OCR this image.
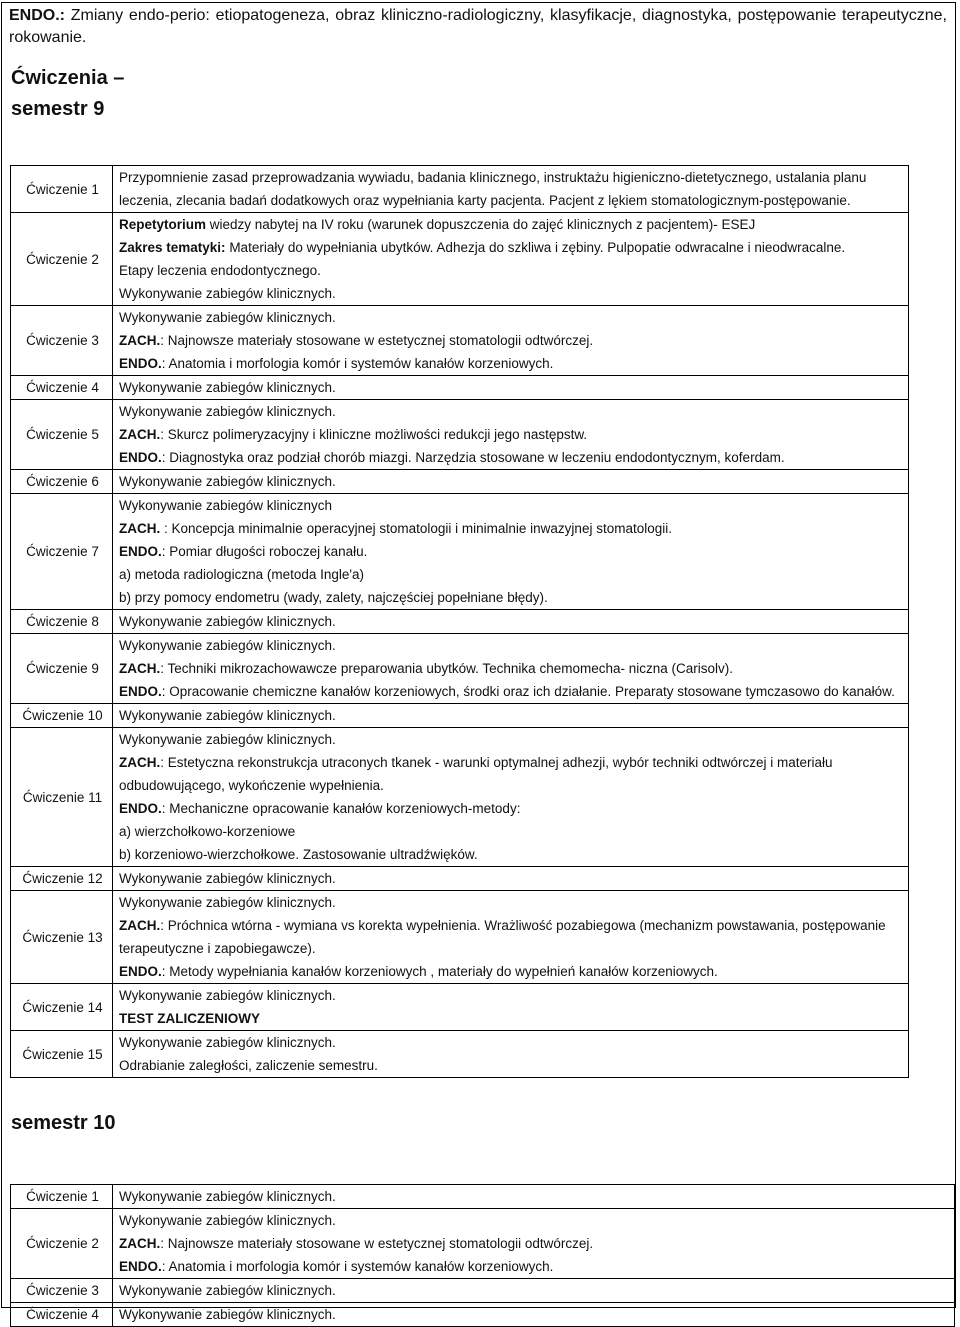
ENDO.: Zmiany endo-perio: etiopatogeneza, obraz kliniczno-radiologiczny, klasyfikacje, diagnostyka, postępowanie terapeutyczne, rokowanie.
Ćwiczenia –
semestr 9
Ćwiczenie 1	Przypomnienie zasad przeprowadzania wywiadu, badania klinicznego, instruktażu higieniczno-dietetycznego, ustalania planu leczenia, zlecania badań dodatkowych oraz wypełniania karty pacjenta. Pacjent z lękiem stomatologicznym-postępowanie.

Ćwiczenie 2	Repetytorium wiedzy nabytej na IV roku (warunek dopuszczenia do zajęć klinicznych z pacjentem)- ESEJ
Zakres tematyki: Materiały do wypełniania ubytków. Adhezja do szkliwa i zębiny. Pulpopatie odwracalne i nieodwracalne.
Etapy leczenia endodontycznego.
Wykonywanie zabiegów klinicznych.

Ćwiczenie 3	Wykonywanie zabiegów klinicznych.
ZACH.: Najnowsze materiały stosowane w estetycznej stomatologii odtwórczej.
ENDO.: Anatomia i morfologia komór i systemów kanałów korzeniowych.

Ćwiczenie 4	Wykonywanie zabiegów klinicznych.

Ćwiczenie 5	Wykonywanie zabiegów klinicznych.
ZACH.: Skurcz polimeryzacyjny i kliniczne możliwości redukcji jego następstw.
ENDO.: Diagnostyka oraz podział chorób miazgi. Narzędzia stosowane w leczeniu endodontycznym, koferdam.

Ćwiczenie 6	Wykonywanie zabiegów klinicznych.

Ćwiczenie 7	Wykonywanie zabiegów klinicznych
ZACH. : Koncepcja minimalnie operacyjnej stomatologii i minimalnie inwazyjnej stomatologii.
ENDO.: Pomiar długości roboczej kanału.
a) metoda radiologiczna (metoda Ingle'a)
b) przy pomocy endometru (wady, zalety, najczęściej popełniane błędy).

Ćwiczenie 8	Wykonywanie zabiegów klinicznych.

Ćwiczenie 9	Wykonywanie zabiegów klinicznych.
ZACH.: Techniki mikrozachowawcze preparowania ubytków. Technika chemomecha- niczna (Carisolv).
ENDO.: Opracowanie chemiczne kanałów korzeniowych, środki oraz ich działanie. Preparaty stosowane tymczasowo do kanałów.

Ćwiczenie 10	Wykonywanie zabiegów klinicznych.

Ćwiczenie 11	Wykonywanie zabiegów klinicznych.
ZACH.: Estetyczna rekonstrukcja utraconych tkanek - warunki optymalnej adhezji, wybór techniki odtwórczej i materiału odbudowującego, wykończenie wypełnienia.
ENDO.: Mechaniczne opracowanie kanałów korzeniowych-metody:
a) wierzchołkowo-korzeniowe
b) korzeniowo-wierzchołkowe. Zastosowanie ultradźwięków.

Ćwiczenie 12	Wykonywanie zabiegów klinicznych.

Ćwiczenie 13	Wykonywanie zabiegów klinicznych.
ZACH.: Próchnica wtórna - wymiana vs korekta wypełnienia. Wrażliwość pozabiegowa (mechanizm powstawania, postępowanie terapeutyczne i zapobiegawcze).
ENDO.: Metody wypełniania kanałów korzeniowych , materiały do wypełnień kanałów korzeniowych.

Ćwiczenie 14	Wykonywanie zabiegów klinicznych.
TEST ZALICZENIOWY

Ćwiczenie 15	Wykonywanie zabiegów klinicznych.
Odrabianie zaległości, zaliczenie semestru.
semestr 10
Ćwiczenie 1	Wykonywanie zabiegów klinicznych.

Ćwiczenie 2	Wykonywanie zabiegów klinicznych.
ZACH.: Najnowsze materiały stosowane w estetycznej stomatologii odtwórczej.
ENDO.: Anatomia i morfologia komór i systemów kanałów korzeniowych.

Ćwiczenie 3	Wykonywanie zabiegów klinicznych.

Ćwiczenie 4	Wykonywanie zabiegów klinicznych.
